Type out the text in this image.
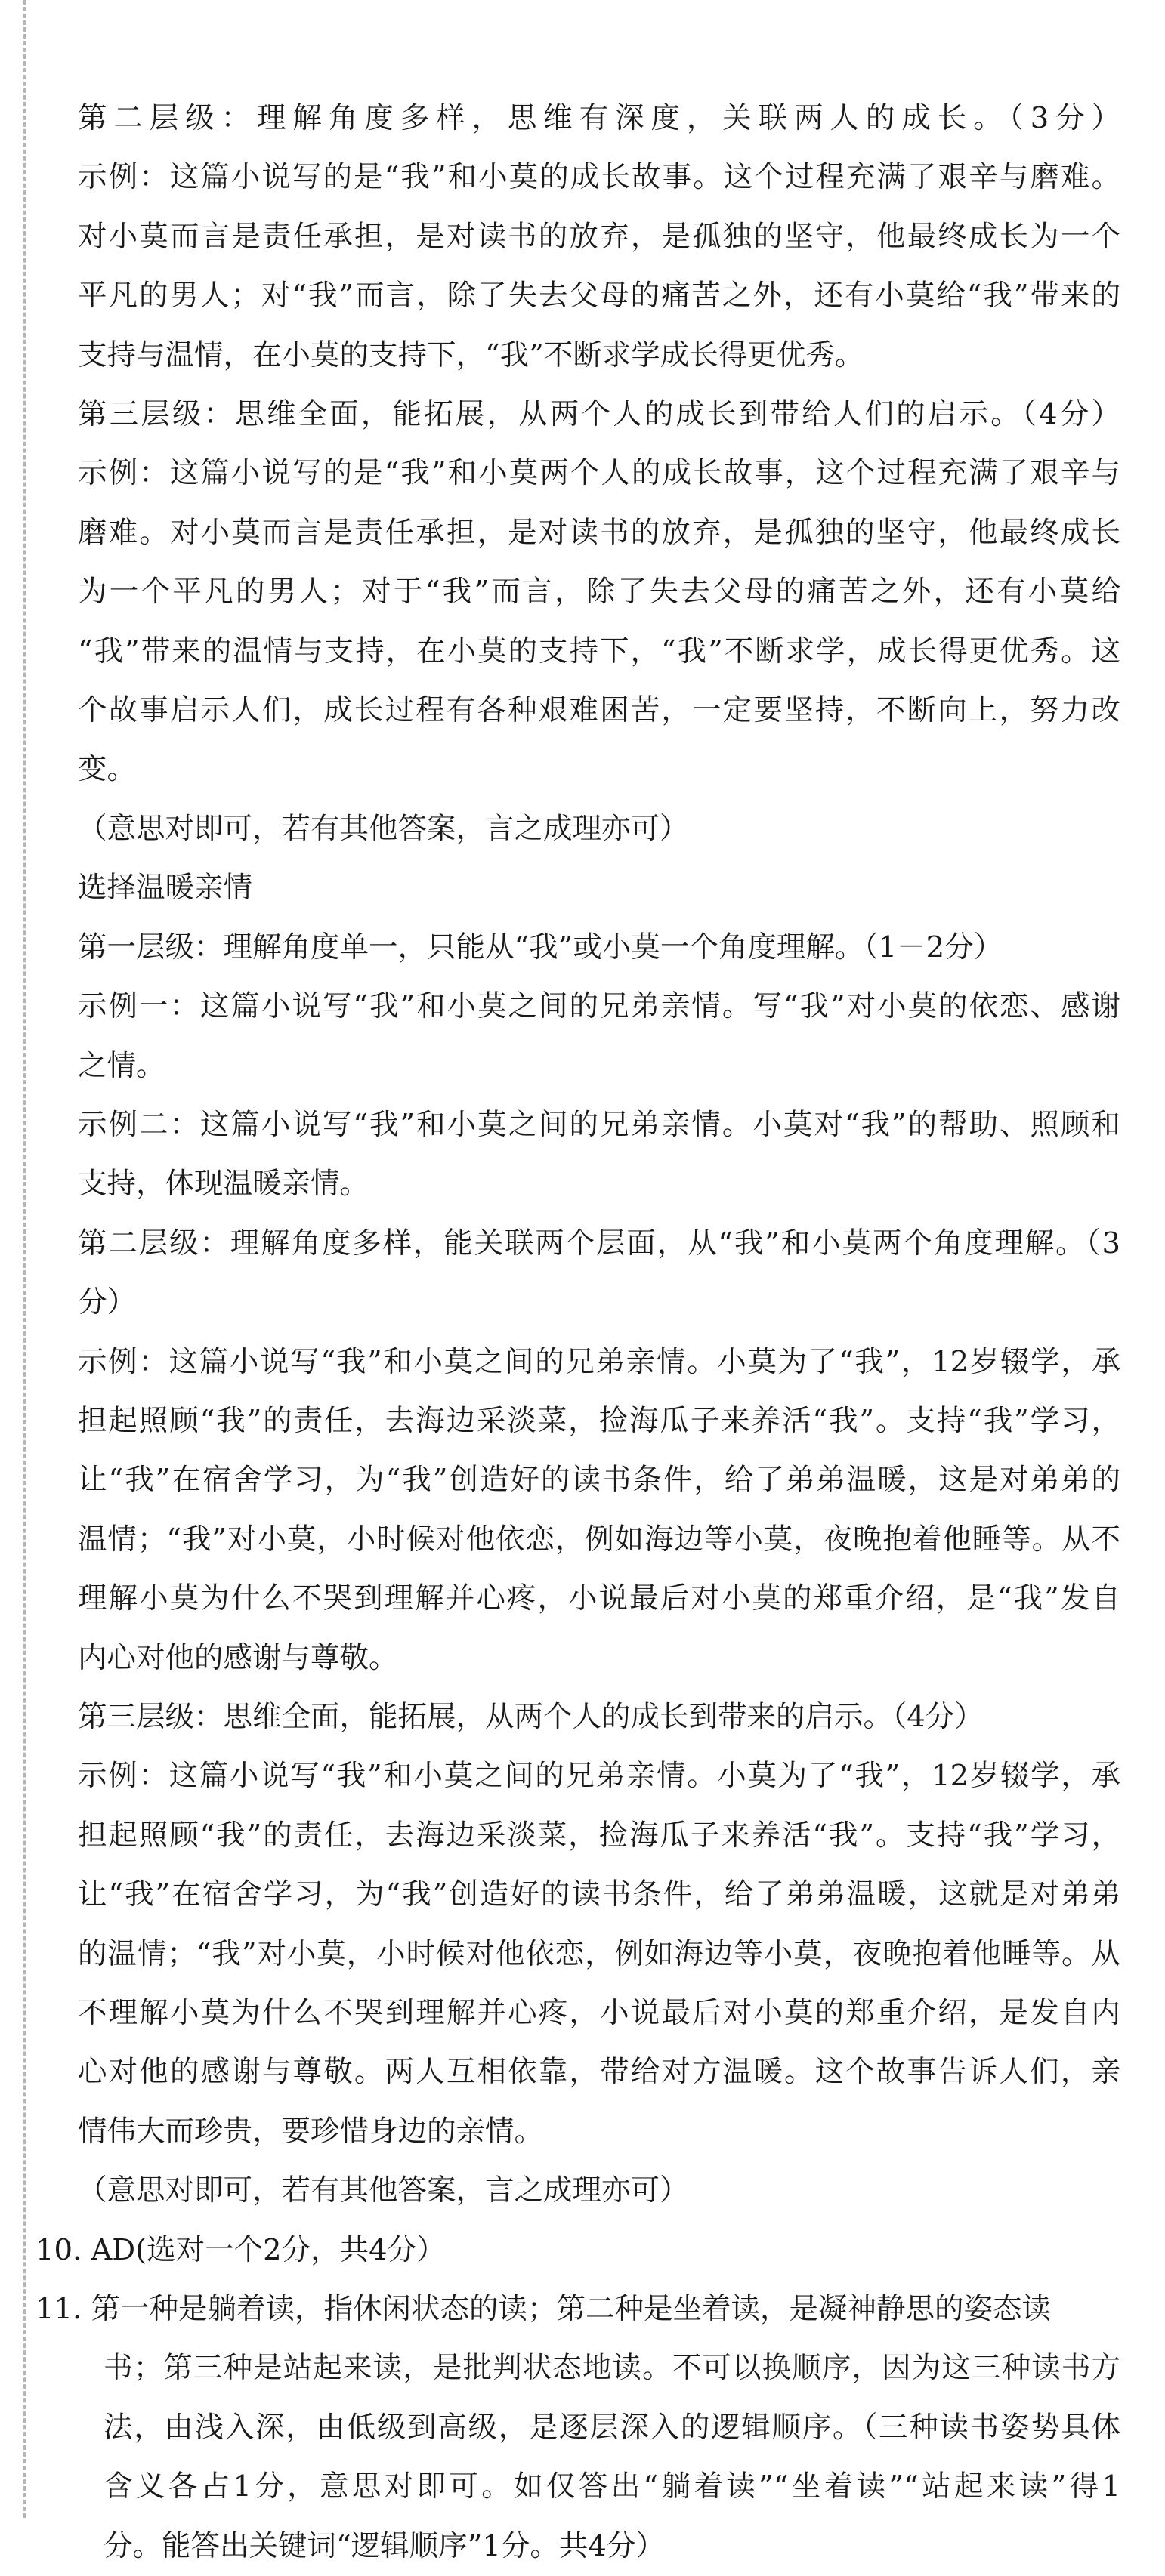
第二层级：理解角度多样，思维有深度，关联两人的成长。（3分）
示例：这篇小说写的是“我”和小莫的成长故事。这个过程充满了艰辛与磨难。
对小莫而言是责任承担，是对读书的放弃，是孤独的坚守，他最终成长为一个
平凡的男人；对“我”而言，除了失去父母的痛苦之外，还有小莫给“我”带来的
支持与温情，在小莫的支持下，“我”不断求学成长得更优秀。
第三层级：思维全面，能拓展，从两个人的成长到带给人们的启示。（4分）
示例：这篇小说写的是“我”和小莫两个人的成长故事，这个过程充满了艰辛与
磨难。对小莫而言是责任承担，是对读书的放弃，是孤独的坚守，他最终成长
为一个平凡的男人；对于“我”而言，除了失去父母的痛苦之外，还有小莫给
“我”带来的温情与支持，在小莫的支持下，“我”不断求学，成长得更优秀。这
个故事启示人们，成长过程有各种艰难困苦，一定要坚持，不断向上，努力改
变。
（意思对即可，若有其他答案，言之成理亦可）
选择温暖亲情
第一层级：理解角度单一，只能从“我”或小莫一个角度理解。（1－2分）
示例一：这篇小说写“我”和小莫之间的兄弟亲情。写“我”对小莫的依恋、感谢
之情。
示例二：这篇小说写“我”和小莫之间的兄弟亲情。小莫对“我”的帮助、照顾和
支持，体现温暖亲情。
第二层级：理解角度多样，能关联两个层面，从“我”和小莫两个角度理解。（3
分）
示例：这篇小说写“我”和小莫之间的兄弟亲情。小莫为了“我”，12岁辍学，承
担起照顾“我”的责任，去海边采淡菜，捡海瓜子来养活“我”。支持“我”学习，
让“我”在宿舍学习，为“我”创造好的读书条件，给了弟弟温暖，这是对弟弟的
温情；“我”对小莫，小时候对他依恋，例如海边等小莫，夜晚抱着他睡等。从不
理解小莫为什么不哭到理解并心疼，小说最后对小莫的郑重介绍，是“我”发自
内心对他的感谢与尊敬。
第三层级：思维全面，能拓展，从两个人的成长到带来的启示。（4分）
示例：这篇小说写“我”和小莫之间的兄弟亲情。小莫为了“我”，12岁辍学，承
担起照顾“我”的责任，去海边采淡菜，捡海瓜子来养活“我”。支持“我”学习，
让“我”在宿舍学习，为“我”创造好的读书条件，给了弟弟温暖，这就是对弟弟
的温情；“我”对小莫，小时候对他依恋，例如海边等小莫，夜晚抱着他睡等。从
不理解小莫为什么不哭到理解并心疼，小说最后对小莫的郑重介绍，是发自内
心对他的感谢与尊敬。两人互相依靠，带给对方温暖。这个故事告诉人们，亲
情伟大而珍贵，要珍惜身边的亲情。
（意思对即可，若有其他答案，言之成理亦可）
10. AD(选对一个2分，共4分）
11. 第一种是躺着读，指休闲状态的读；第二种是坐着读，是凝神静思的姿态读
书；第三种是站起来读，是批判状态地读。不可以换顺序，因为这三种读书方
法，由浅入深，由低级到高级，是逐层深入的逻辑顺序。（三种读书姿势具体
含义各占1分，意思对即可。如仅答出“躺着读”“坐着读”“站起来读”得1
分。能答出关键词“逻辑顺序”1分。共4分）
